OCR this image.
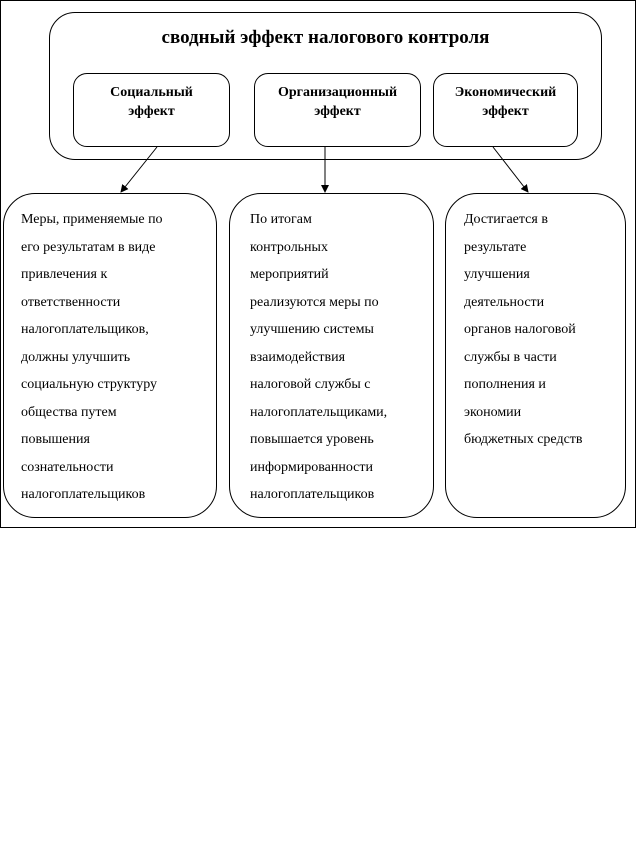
сводный эффект налогового контроля
Социальный
эффект
Организационный
эффект
Экономический
эффект
Меры, применяемые по
его результатам в виде
привлечения к
ответственности
налогоплательщиков,
должны улучшить
социальную структуру
общества путем
повышения
сознательности
налогоплательщиков
По итогам
контрольных
мероприятий
реализуются меры по
улучшению системы
взаимодействия
налоговой службы с
налогоплательщиками,
повышается уровень
информированности
налогоплательщиков
Достигается в
результате
улучшения
деятельности
органов налоговой
службы в части
пополнения и
экономии
бюджетных средств
